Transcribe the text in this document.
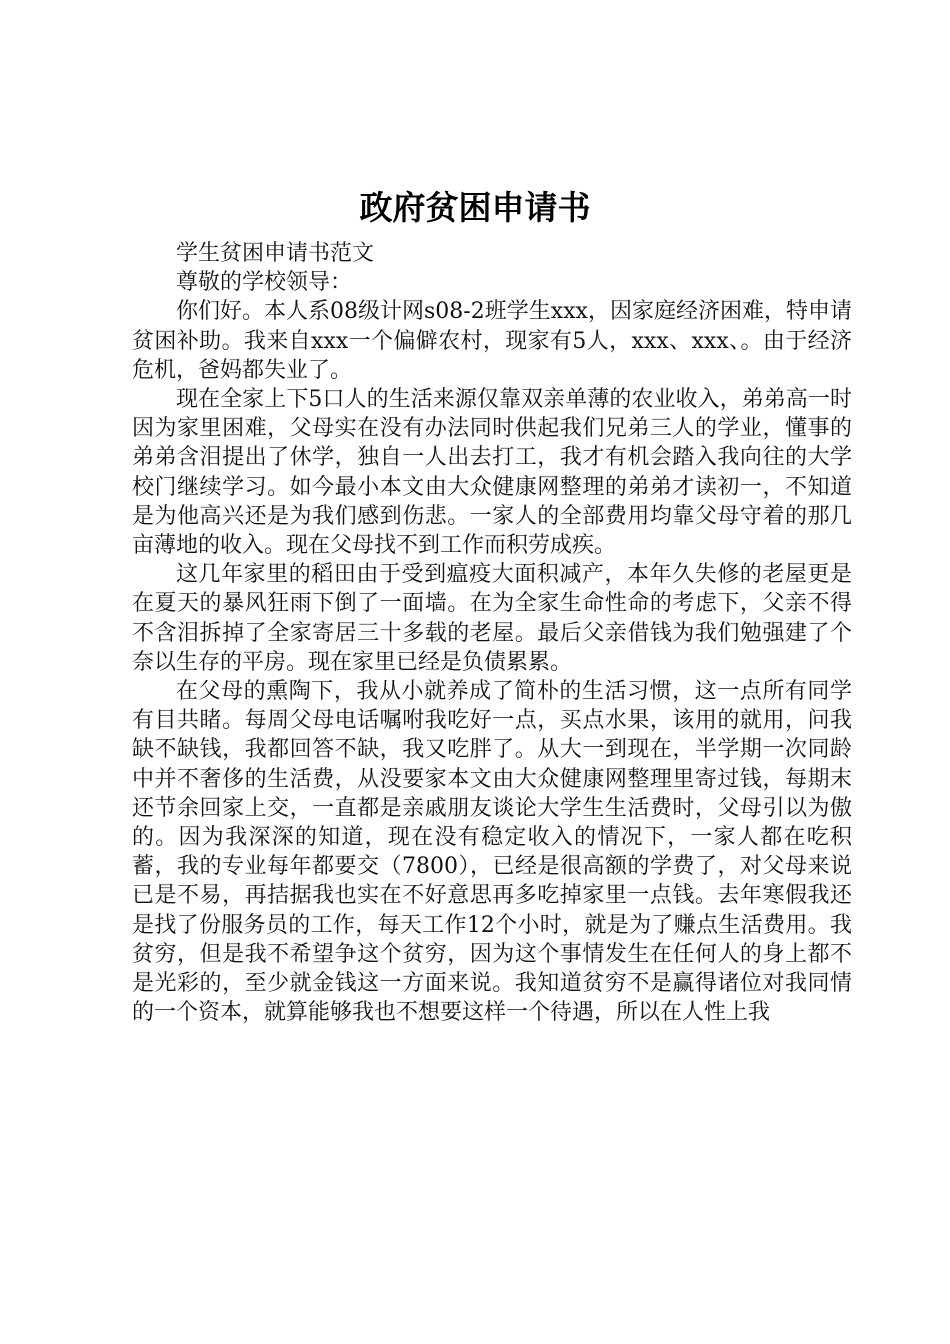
政府贫困申请书

学生贫困申请书范文

尊敬的学校领导：

你们好。本人系08级计网s08-2班学生xxx，因家庭经济困难，特申请贫困补助。我来自xxx一个偏僻农村，现家有5人，xxx、xxx、。由于经济危机，爸妈都失业了。

现在全家上下5口人的生活来源仅靠双亲单薄的农业收入，弟弟高一时因为家里困难，父母实在没有办法同时供起我们兄弟三人的学业，懂事的弟弟含泪提出了休学，独自一人出去打工，我才有机会踏入我向往的大学校门继续学习。如今最小本文由大众健康网整理的弟弟才读初一，不知道是为他高兴还是为我们感到伤悲。一家人的全部费用均靠父母守着的那几亩薄地的收入。现在父母找不到工作而积劳成疾。

这几年家里的稻田由于受到瘟疫大面积减产，本年久失修的老屋更是在夏天的暴风狂雨下倒了一面墙。在为全家生命性命的考虑下，父亲不得不含泪拆掉了全家寄居三十多载的老屋。最后父亲借钱为我们勉强建了个奈以生存的平房。现在家里已经是负债累累。

在父母的熏陶下，我从小就养成了简朴的生活习惯，这一点所有同学有目共睹。每周父母电话嘱咐我吃好一点，买点水果，该用的就用，问我缺不缺钱，我都回答不缺，我又吃胖了。从大一到现在，半学期一次同龄中并不奢侈的生活费，从没要家本文由大众健康网整理里寄过钱，每期末还节余回家上交，一直都是亲戚朋友谈论大学生生活费时，父母引以为傲的。因为我深深的知道，现在没有稳定收入的情况下，一家人都在吃积蓄，我的专业每年都要交（7800），已经是很高额的学费了，对父母来说已是不易，再拮据我也实在不好意思再多吃掉家里一点钱。去年寒假我还是找了份服务员的工作，每天工作12个小时，就是为了赚点生活费用。我贫穷，但是我不希望争这个贫穷，因为这个事情发生在任何人的身上都不是光彩的，至少就金钱这一方面来说。我知道贫穷不是赢得诸位对我同情的一个资本，就算能够我也不想要这样一个待遇，所以在人性上我
